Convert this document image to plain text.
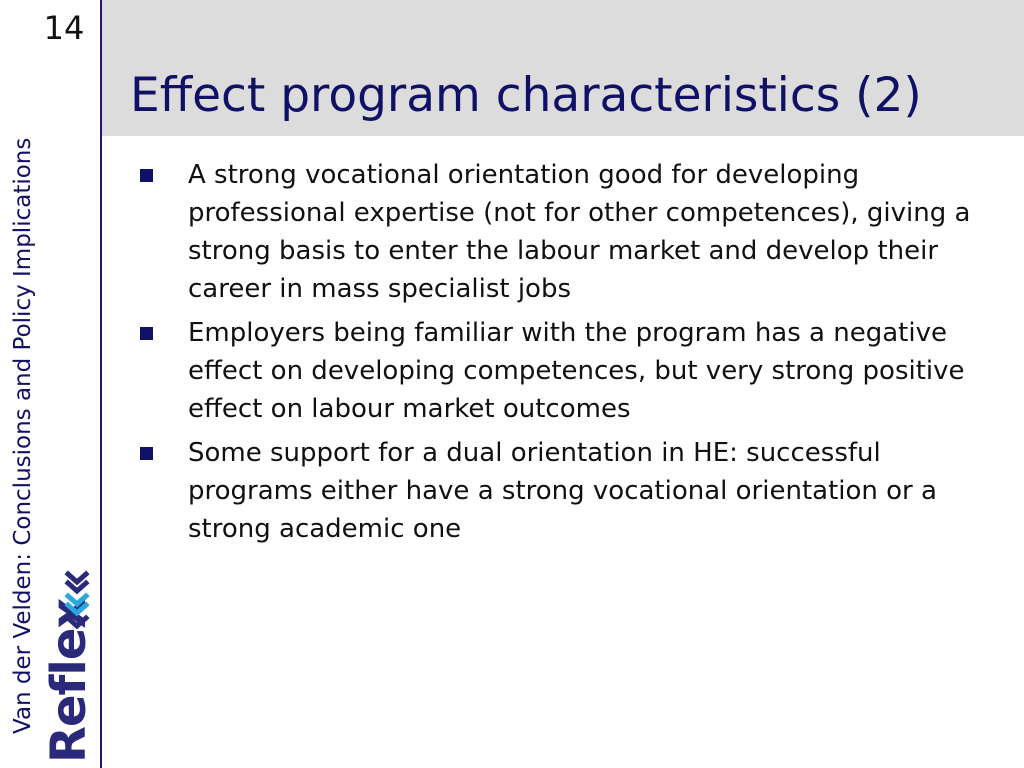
14
Effect program characteristics (2)
Van der Velden: Conclusions and Policy Implications Reflex
A strong vocational orientation good for developing professional expertise (not for other competences), giving a strong basis to enter the labour market and develop their career in mass specialist jobs
Employers being familiar with the program has a negative effect on developing competences, but very strong positive effect on labour market outcomes
Some support for a dual orientation in HE: successful programs either have a strong vocational orientation or a strong academic one
